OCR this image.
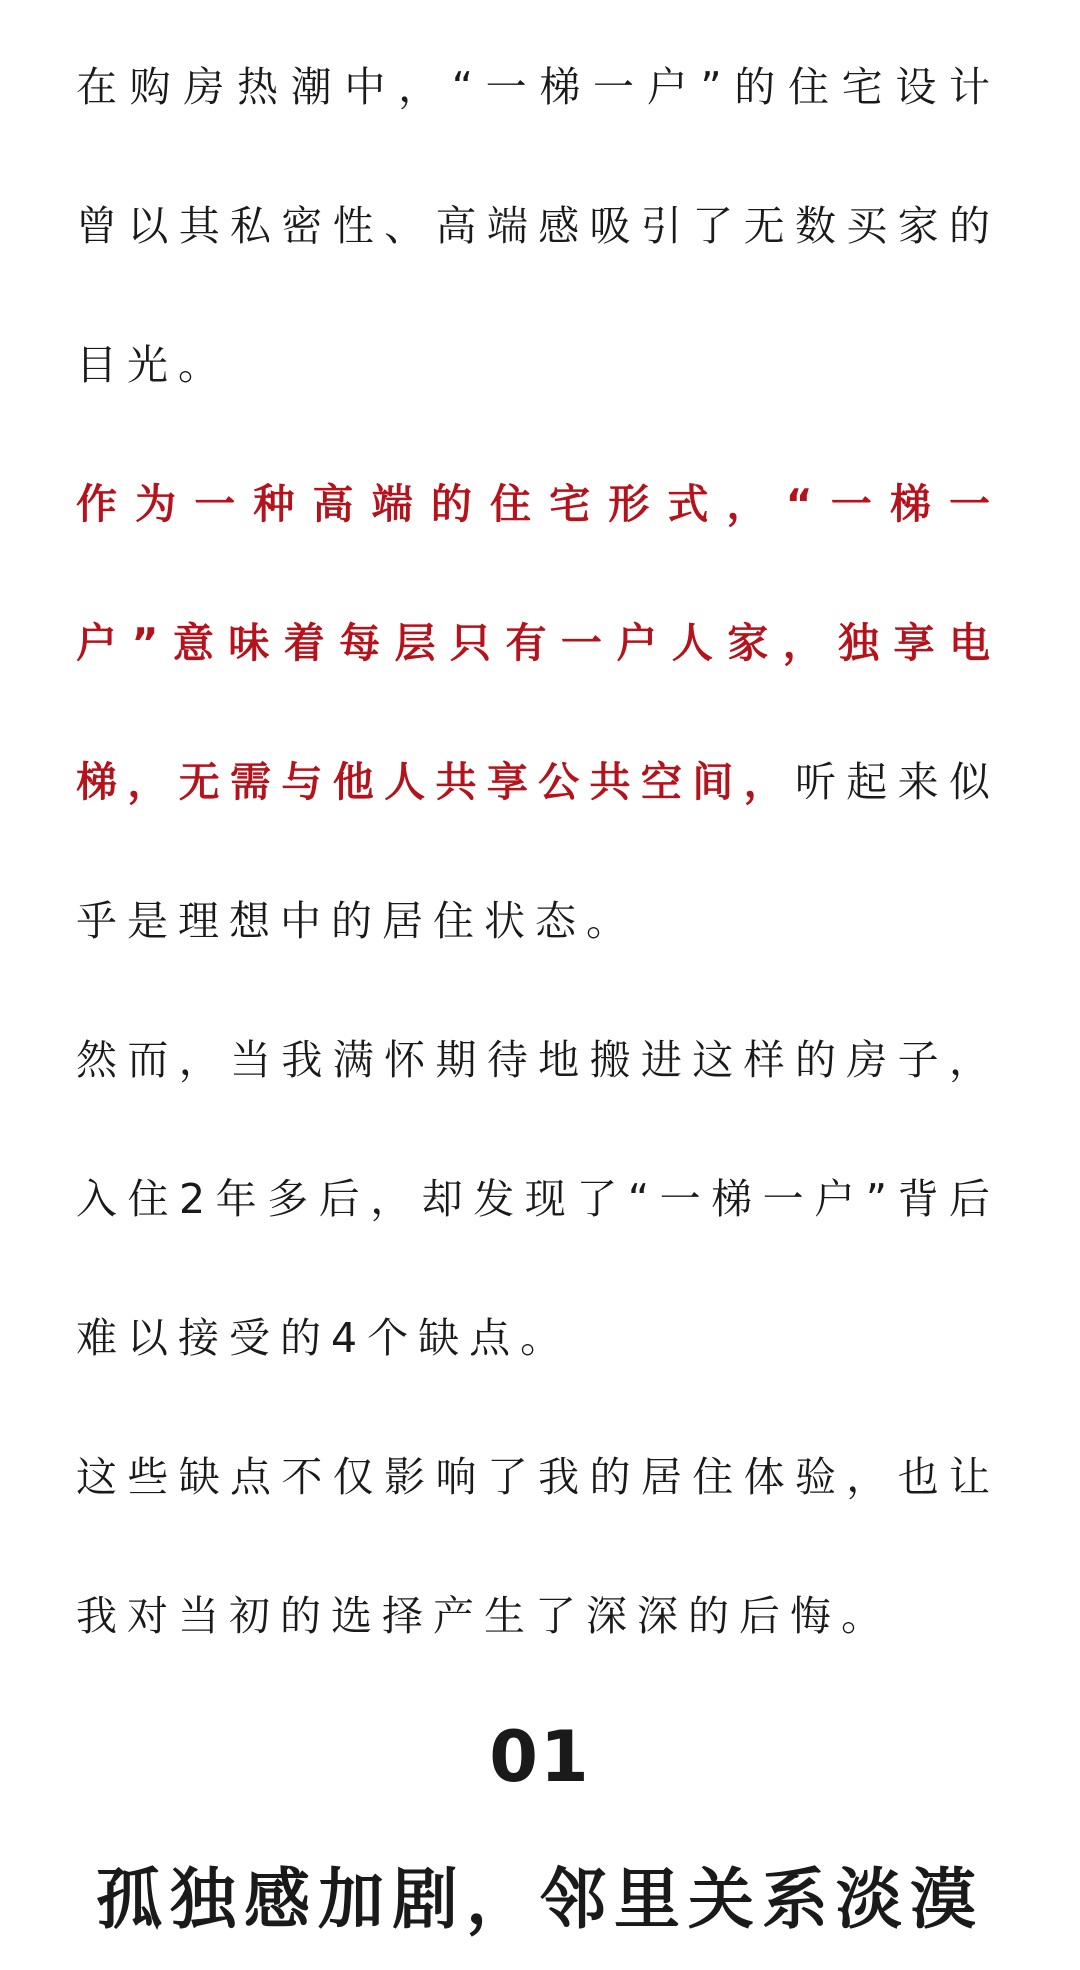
在购房热潮中，“一梯一户”的住宅设计曾以其私密性、高端感吸引了无数买家的目光。

作为一种高端的住宅形式，“一梯一户”意味着每层只有一户人家，独享电梯，无需与他人共享公共空间，听起来似乎是理想中的居住状态。

然而，当我满怀期待地搬进这样的房子，入住2年多后，却发现了“一梯一户”背后难以接受的4个缺点。

这些缺点不仅影响了我的居住体验，也让我对当初的选择产生了深深的后悔。

01
孤独感加剧，邻里关系淡漠
